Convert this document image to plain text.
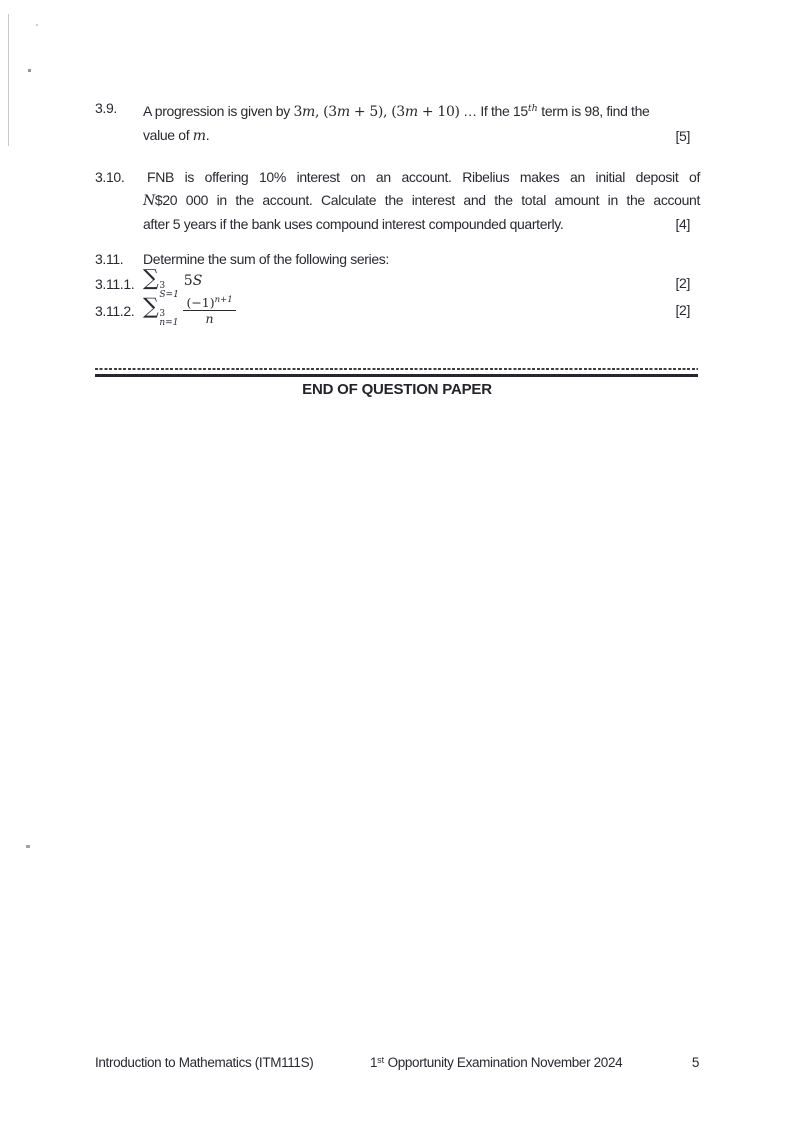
3.9.	A progression is given by 3m, (3m + 5), (3m + 10) … If the 15th term is 98, find the
value of m.	[5]
3.10.	FNB is offering 10% interest on an account. Ribelius makes an initial deposit of
N$20 000 in the account. Calculate the interest and the total amount in the account
after 5 years if the bank uses compound interest compounded quarterly.	[4]
3.11.	Determine the sum of the following series:
3.11.1. ∑ 3
S=1
5S	[2]
3.11.2. ∑ 3
$n=1 \frac{(-1)^{n+1}}{n}$	[2]
END OF QUESTION PAPER
Introduction to Mathematics (ITM111S)	1st Opportunity Examination November 2024	5
